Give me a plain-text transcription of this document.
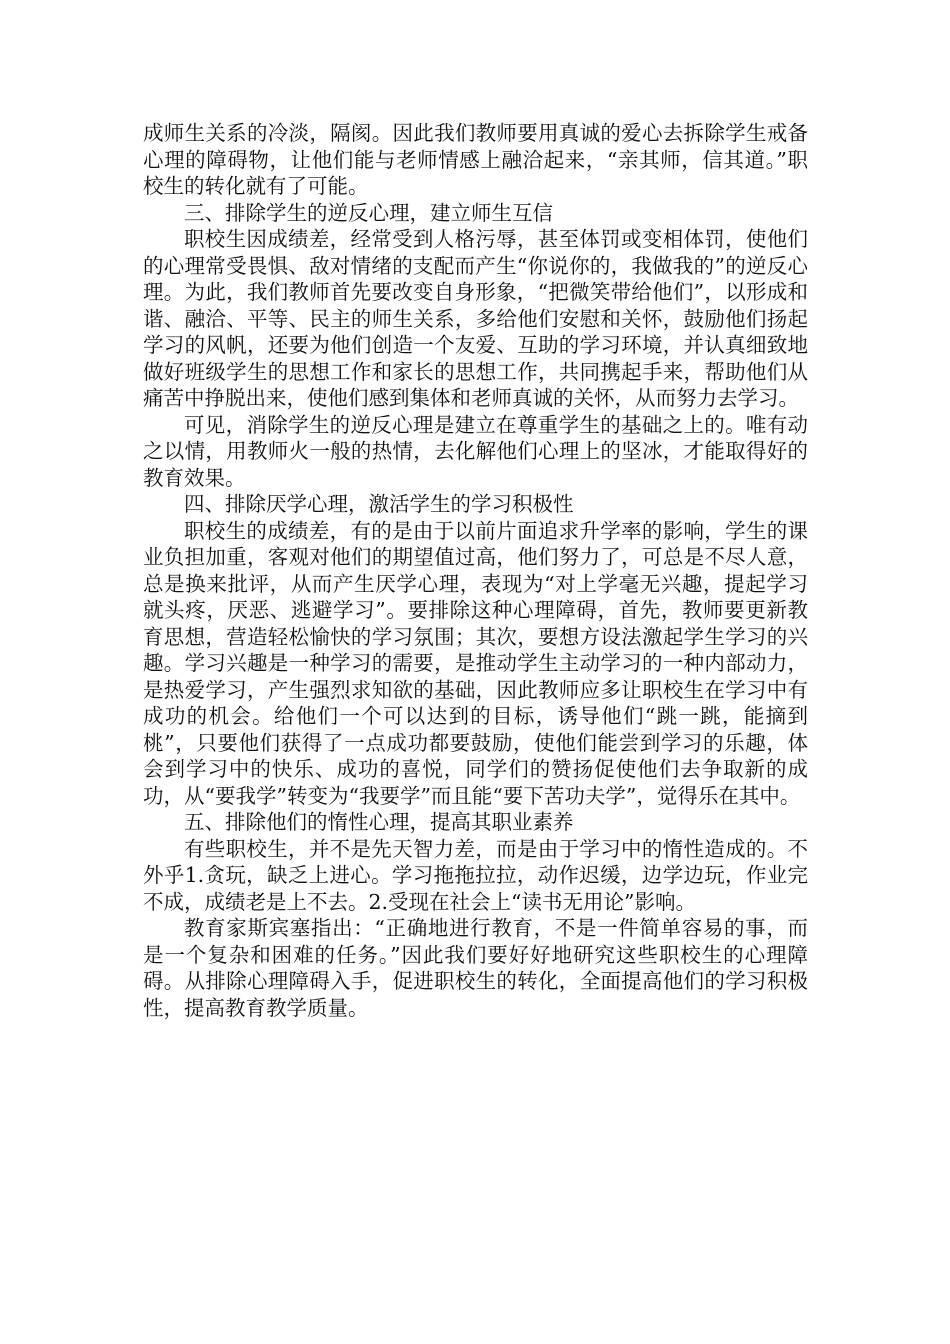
成师生关系的冷淡，隔阂。因此我们教师要用真诚的爱心去拆除学生戒备心理的障碍物，让他们能与老师情感上融洽起来，“亲其师，信其道。”职校生的转化就有了可能。

三、排除学生的逆反心理，建立师生互信

职校生因成绩差，经常受到人格污辱，甚至体罚或变相体罚，使他们的心理常受畏惧、敌对情绪的支配而产生“你说你的，我做我的”的逆反心理。为此，我们教师首先要改变自身形象，“把微笑带给他们”，以形成和谐、融洽、平等、民主的师生关系，多给他们安慰和关怀，鼓励他们扬起学习的风帆，还要为他们创造一个友爱、互助的学习环境，并认真细致地做好班级学生的思想工作和家长的思想工作，共同携起手来，帮助他们从痛苦中挣脱出来，使他们感到集体和老师真诚的关怀，从而努力去学习。

可见，消除学生的逆反心理是建立在尊重学生的基础之上的。唯有动之以情，用教师火一般的热情，去化解他们心理上的坚冰，才能取得好的教育效果。

四、排除厌学心理，激活学生的学习积极性

职校生的成绩差，有的是由于以前片面追求升学率的影响，学生的课业负担加重，客观对他们的期望值过高，他们努力了，可总是不尽人意，总是换来批评，从而产生厌学心理，表现为“对上学毫无兴趣，提起学习就头疼，厌恶、逃避学习”。要排除这种心理障碍，首先，教师要更新教育思想，营造轻松愉快的学习氛围；其次，要想方设法激起学生学习的兴趣。学习兴趣是一种学习的需要，是推动学生主动学习的一种内部动力，是热爱学习，产生强烈求知欲的基础，因此教师应多让职校生在学习中有成功的机会。给他们一个可以达到的目标，诱导他们“跳一跳，能摘到桃”，只要他们获得了一点成功都要鼓励，使他们能尝到学习的乐趣，体会到学习中的快乐、成功的喜悦，同学们的赞扬促使他们去争取新的成功，从“要我学”转变为“我要学”而且能“要下苦功夫学”，觉得乐在其中。

五、排除他们的惰性心理，提高其职业素养

有些职校生，并不是先天智力差，而是由于学习中的惰性造成的。不外乎1.贪玩，缺乏上进心。学习拖拖拉拉，动作迟缓，边学边玩，作业完不成，成绩老是上不去。2.受现在社会上“读书无用论”影响。

教育家斯宾塞指出：“正确地进行教育，不是一件简单容易的事，而是一个复杂和困难的任务。”因此我们要好好地研究这些职校生的心理障碍。从排除心理障碍入手，促进职校生的转化，全面提高他们的学习积极性，提高教育教学质量。
